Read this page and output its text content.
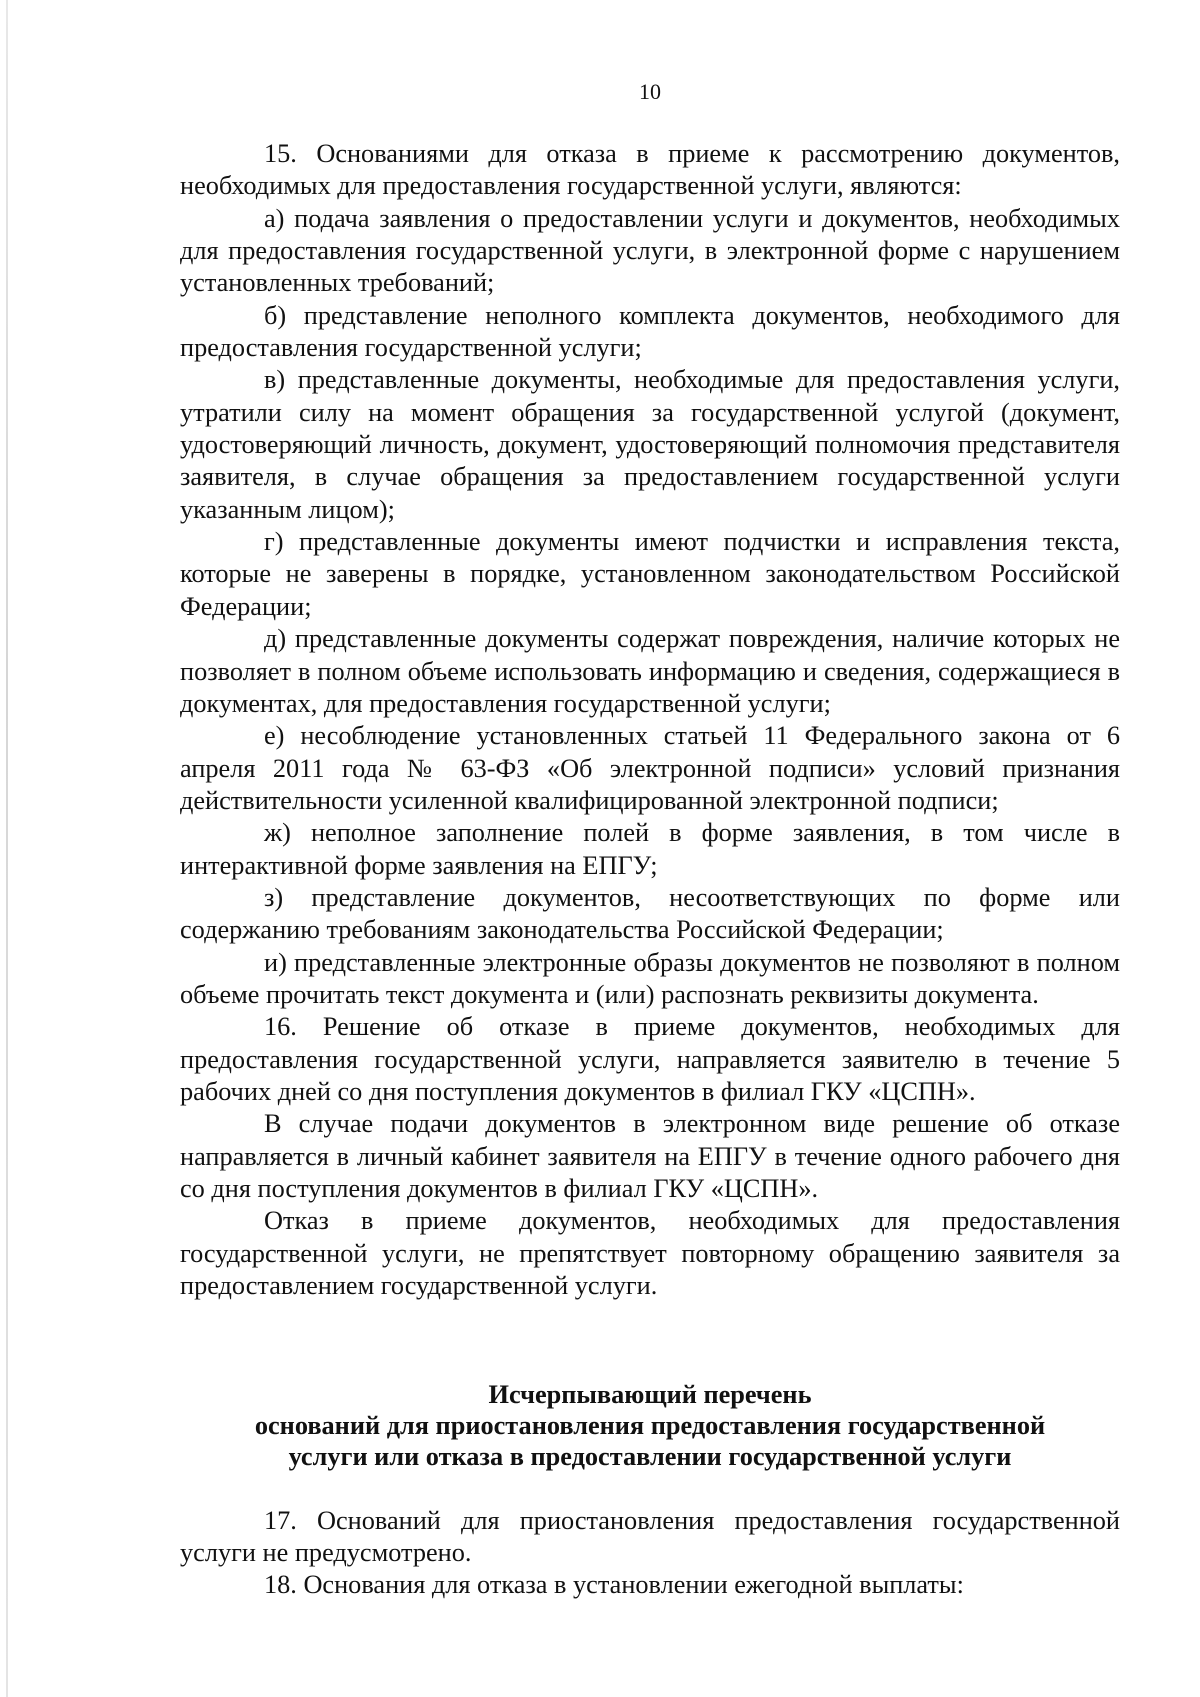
10

15. Основаниями для отказа в приеме к рассмотрению документов, необходимых для предоставления государственной услуги, являются:

а) подача заявления о предоставлении услуги и документов, необходимых для предоставления государственной услуги, в электронной форме с нарушением установленных требований;

б) представление неполного комплекта документов, необходимого для предоставления государственной услуги;

в) представленные документы, необходимые для предоставления услуги, утратили силу на момент обращения за государственной услугой (документ, удостоверяющий личность, документ, удостоверяющий полномочия представителя заявителя, в случае обращения за предоставлением государственной услуги указанным лицом);

г) представленные документы имеют подчистки и исправления текста, которые не заверены в порядке, установленном законодательством Российской Федерации;

д) представленные документы содержат повреждения, наличие которых не позволяет в полном объеме использовать информацию и сведения, содержащиеся в документах, для предоставления государственной услуги;

е) несоблюдение установленных статьей 11 Федерального закона от 6 апреля 2011 года № 63-ФЗ «Об электронной подписи» условий признания действительности усиленной квалифицированной электронной подписи;

ж) неполное заполнение полей в форме заявления, в том числе в интерактивной форме заявления на ЕПГУ;

з) представление документов, несоответствующих по форме или содержанию требованиям законодательства Российской Федерации;

и) представленные электронные образы документов не позволяют в полном объеме прочитать текст документа и (или) распознать реквизиты документа.

16. Решение об отказе в приеме документов, необходимых для предоставления государственной услуги, направляется заявителю в течение 5 рабочих дней со дня поступления документов в филиал ГКУ «ЦСПН».

В случае подачи документов в электронном виде решение об отказе направляется в личный кабинет заявителя на ЕПГУ в течение одного рабочего дня со дня поступления документов в филиал ГКУ «ЦСПН».

Отказ в приеме документов, необходимых для предоставления государственной услуги, не препятствует повторному обращению заявителя за предоставлением государственной услуги.

Исчерпывающий перечень
оснований для приостановления предоставления государственной
услуги или отказа в предоставлении государственной услуги

17. Оснований для приостановления предоставления государственной услуги не предусмотрено.

18. Основания для отказа в установлении ежегодной выплаты:
